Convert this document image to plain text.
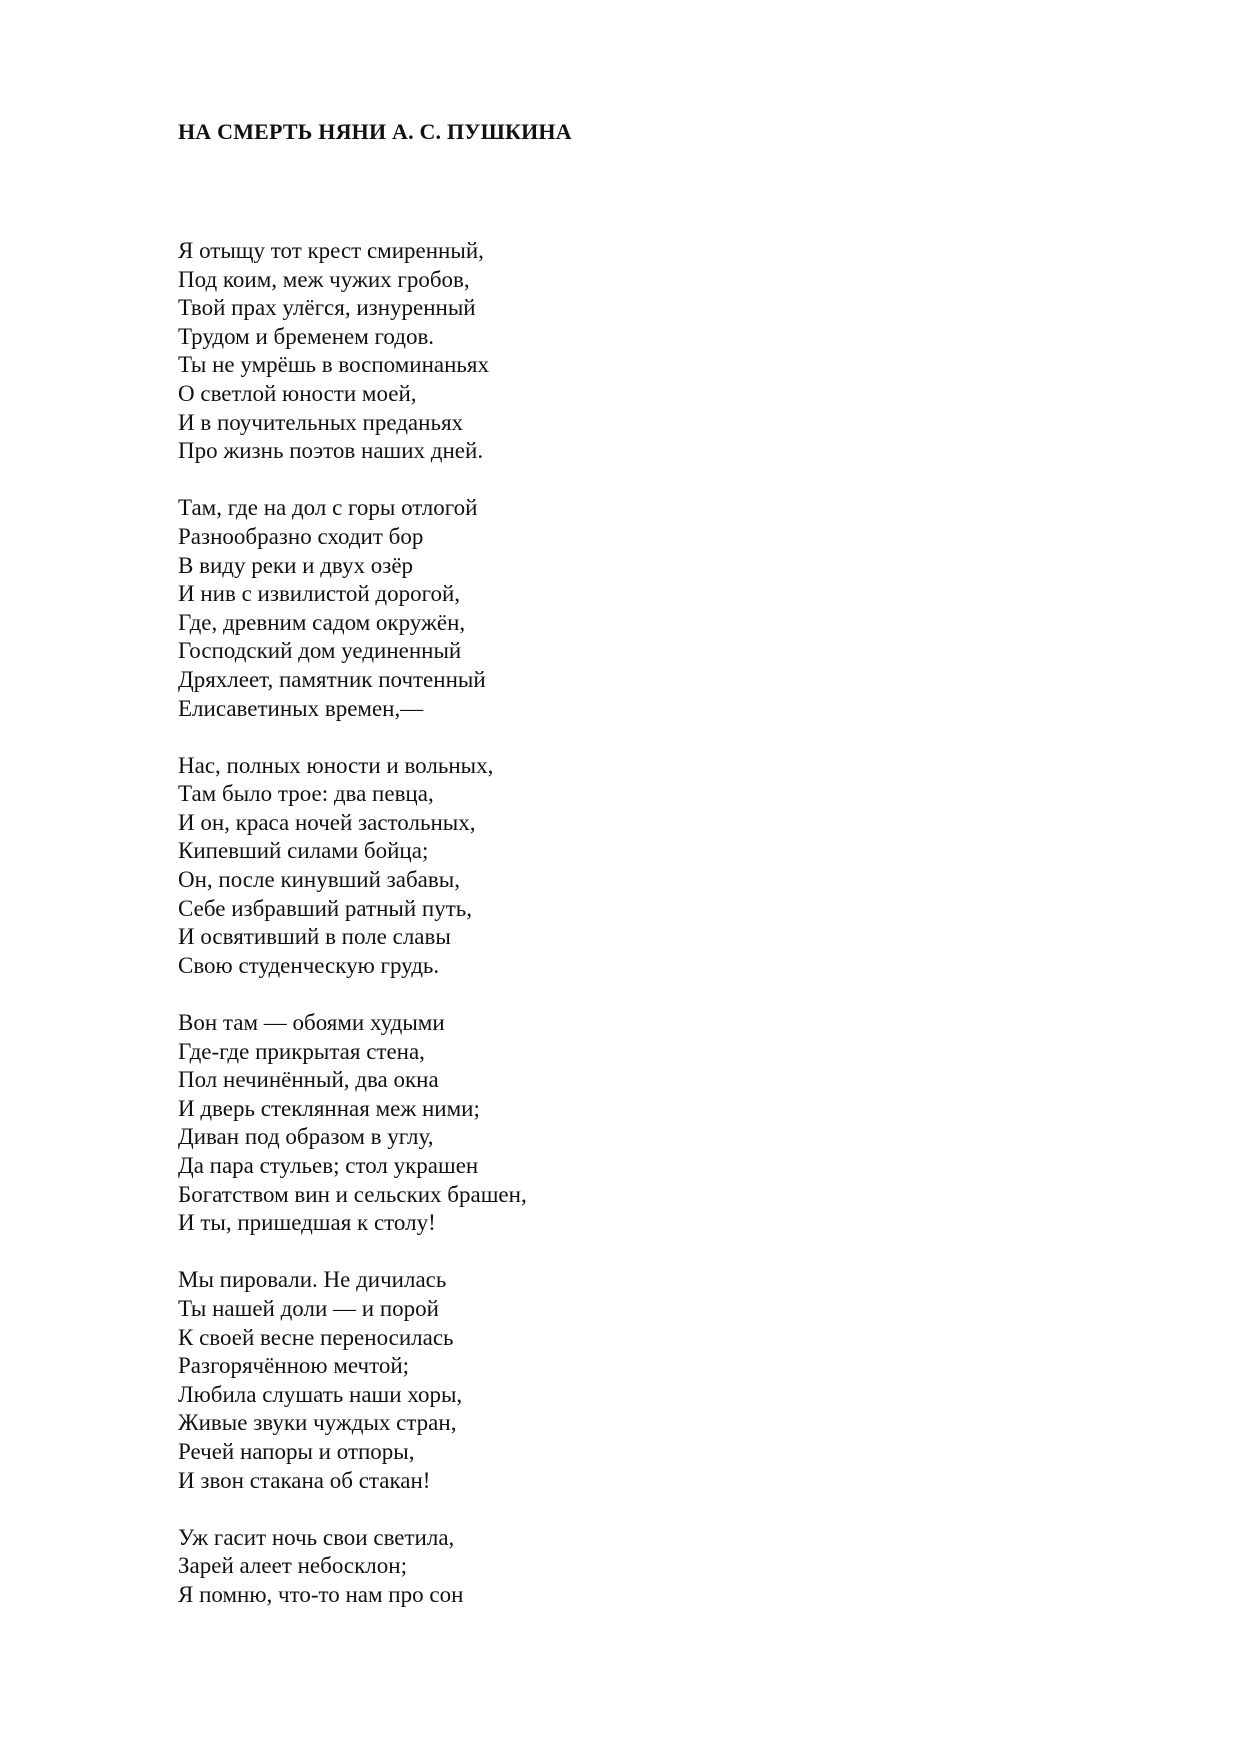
НА СМЕРТЬ НЯНИ А. С. ПУШКИНА
Я отыщу тот крест смиренный,
Под коим, меж чужих гробов,
Твой прах улёгся, изнуренный
Трудом и бременем годов.
Ты не умрёшь в воспоминаньях
О светлой юности моей,
И в поучительных преданьях
Про жизнь поэтов наших дней.
Там, где на дол с горы отлогой
Разнообразно сходит бор
В виду реки и двух озёр
И нив с извилистой дорогой,
Где, древним садом окружён,
Господский дом уединенный
Дряхлеет, памятник почтенный
Елисаветиных времен,—
Нас, полных юности и вольных,
Там было трое: два певца,
И он, краса ночей застольных,
Кипевший силами бойца;
Он, после кинувший забавы,
Себе избравший ратный путь,
И освятивший в поле славы
Свою студенческую грудь.
Вон там — обоями худыми
Где-где прикрытая стена,
Пол нечинённый, два окна
И дверь стеклянная меж ними;
Диван под образом в углу,
Да пара стульев; стол украшен
Богатством вин и сельских брашен,
И ты, пришедшая к столу!
Мы пировали. Не дичилась
Ты нашей доли — и порой
К своей весне переносилась
Разгорячённою мечтой;
Любила слушать наши хоры,
Живые звуки чуждых стран,
Речей напоры и отпоры,
И звон стакана об стакан!
Уж гасит ночь свои светила,
Зарей алеет небосклон;
Я помню, что-то нам про сон
